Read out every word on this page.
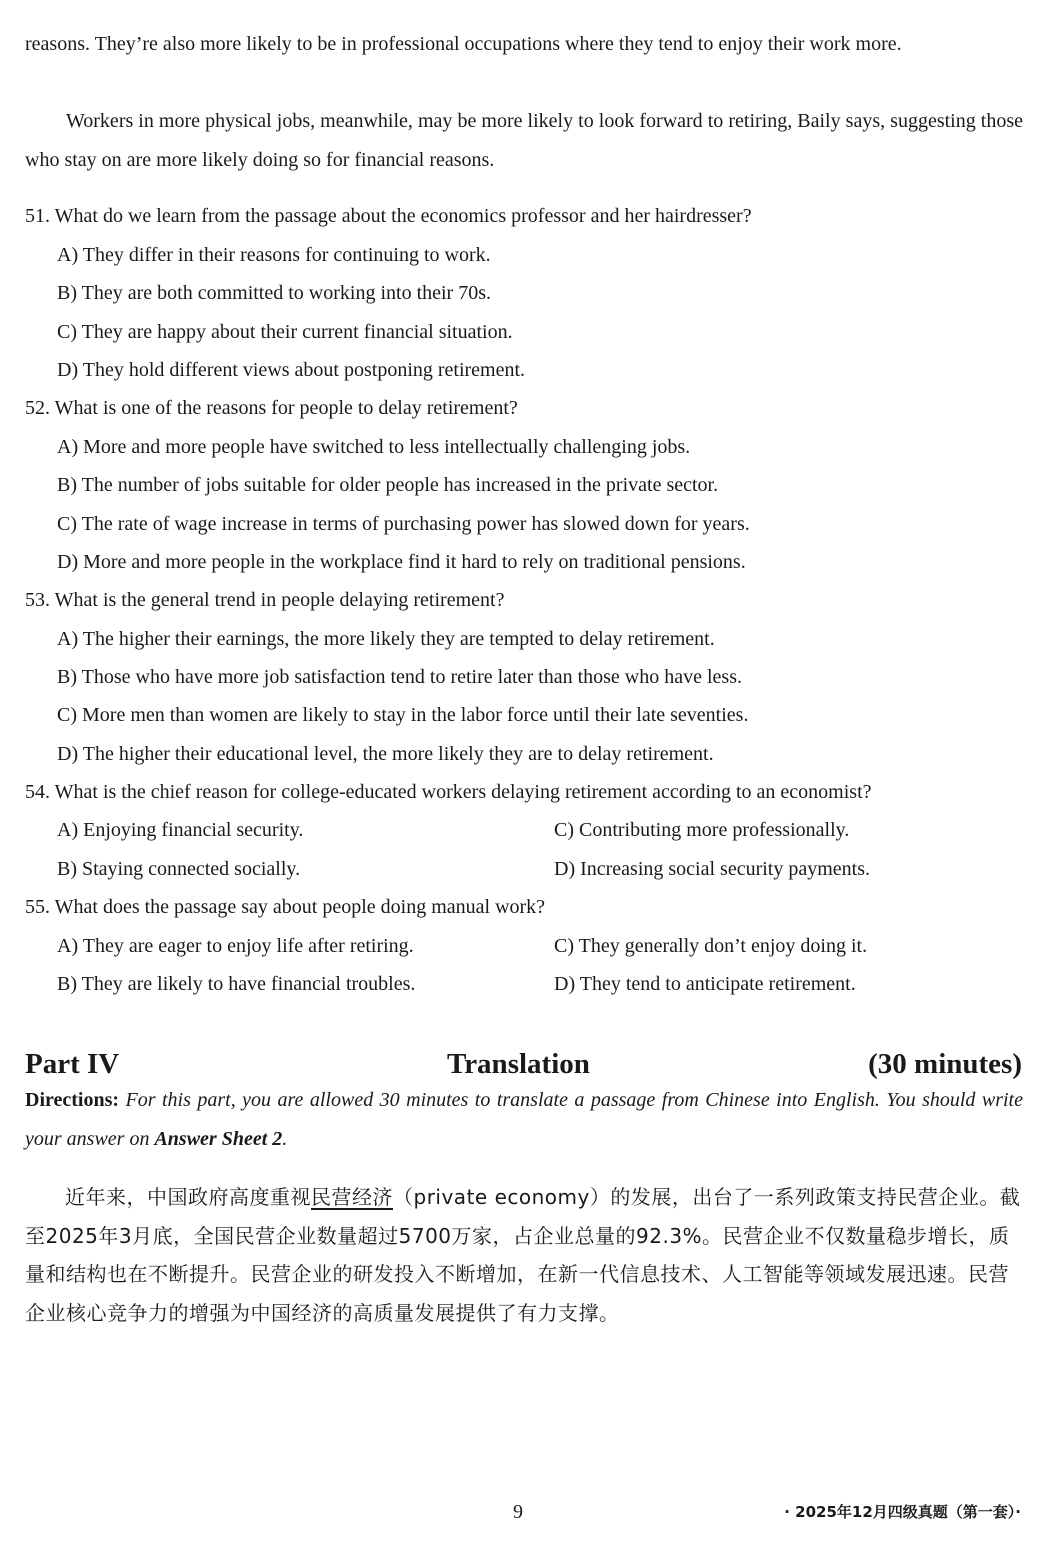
reasons. They’re also more likely to be in professional occupations where they tend to enjoy their work more.

Workers in more physical jobs, meanwhile, may be more likely to look forward to retiring, Baily says, suggesting those who stay on are more likely doing so for financial reasons.

51. What do we learn from the passage about the economics professor and her hairdresser?
A) They differ in their reasons for continuing to work.
B) They are both committed to working into their 70s.
C) They are happy about their current financial situation.
D) They hold different views about postponing retirement.
52. What is one of the reasons for people to delay retirement?
A) More and more people have switched to less intellectually challenging jobs.
B) The number of jobs suitable for older people has increased in the private sector.
C) The rate of wage increase in terms of purchasing power has slowed down for years.
D) More and more people in the workplace find it hard to rely on traditional pensions.
53. What is the general trend in people delaying retirement?
A) The higher their earnings, the more likely they are tempted to delay retirement.
B) Those who have more job satisfaction tend to retire later than those who have less.
C) More men than women are likely to stay in the labor force until their late seventies.
D) The higher their educational level, the more likely they are to delay retirement.
54. What is the chief reason for college-educated workers delaying retirement according to an economist?
A) Enjoying financial security.
B) Staying connected socially.
C) Contributing more professionally.
D) Increasing social security payments.
55. What does the passage say about people doing manual work?
A) They are eager to enjoy life after retiring.
B) They are likely to have financial troubles.
C) They generally don’t enjoy doing it.
D) They tend to anticipate retirement.
Part IV	Translation	(30 minutes)

Directions: For this part, you are allowed 30 minutes to translate a passage from Chinese into English. You should write your answer on Answer Sheet 2.

近年来，中国政府高度重视民营经济（private economy）的发展，出台了一系列政策支持民营企业。截至2025年3月底，全国民营企业数量超过5700万家，占企业总量的92.3%。民营企业不仅数量稳步增长，质量和结构也在不断提升。民营企业的研发投入不断增加，在新一代信息技术、人工智能等领域发展迅速。民营企业核心竞争力的增强为中国经济的高质量发展提供了有力支撑。

9	· 2025年12月四级真题（第一套）·
